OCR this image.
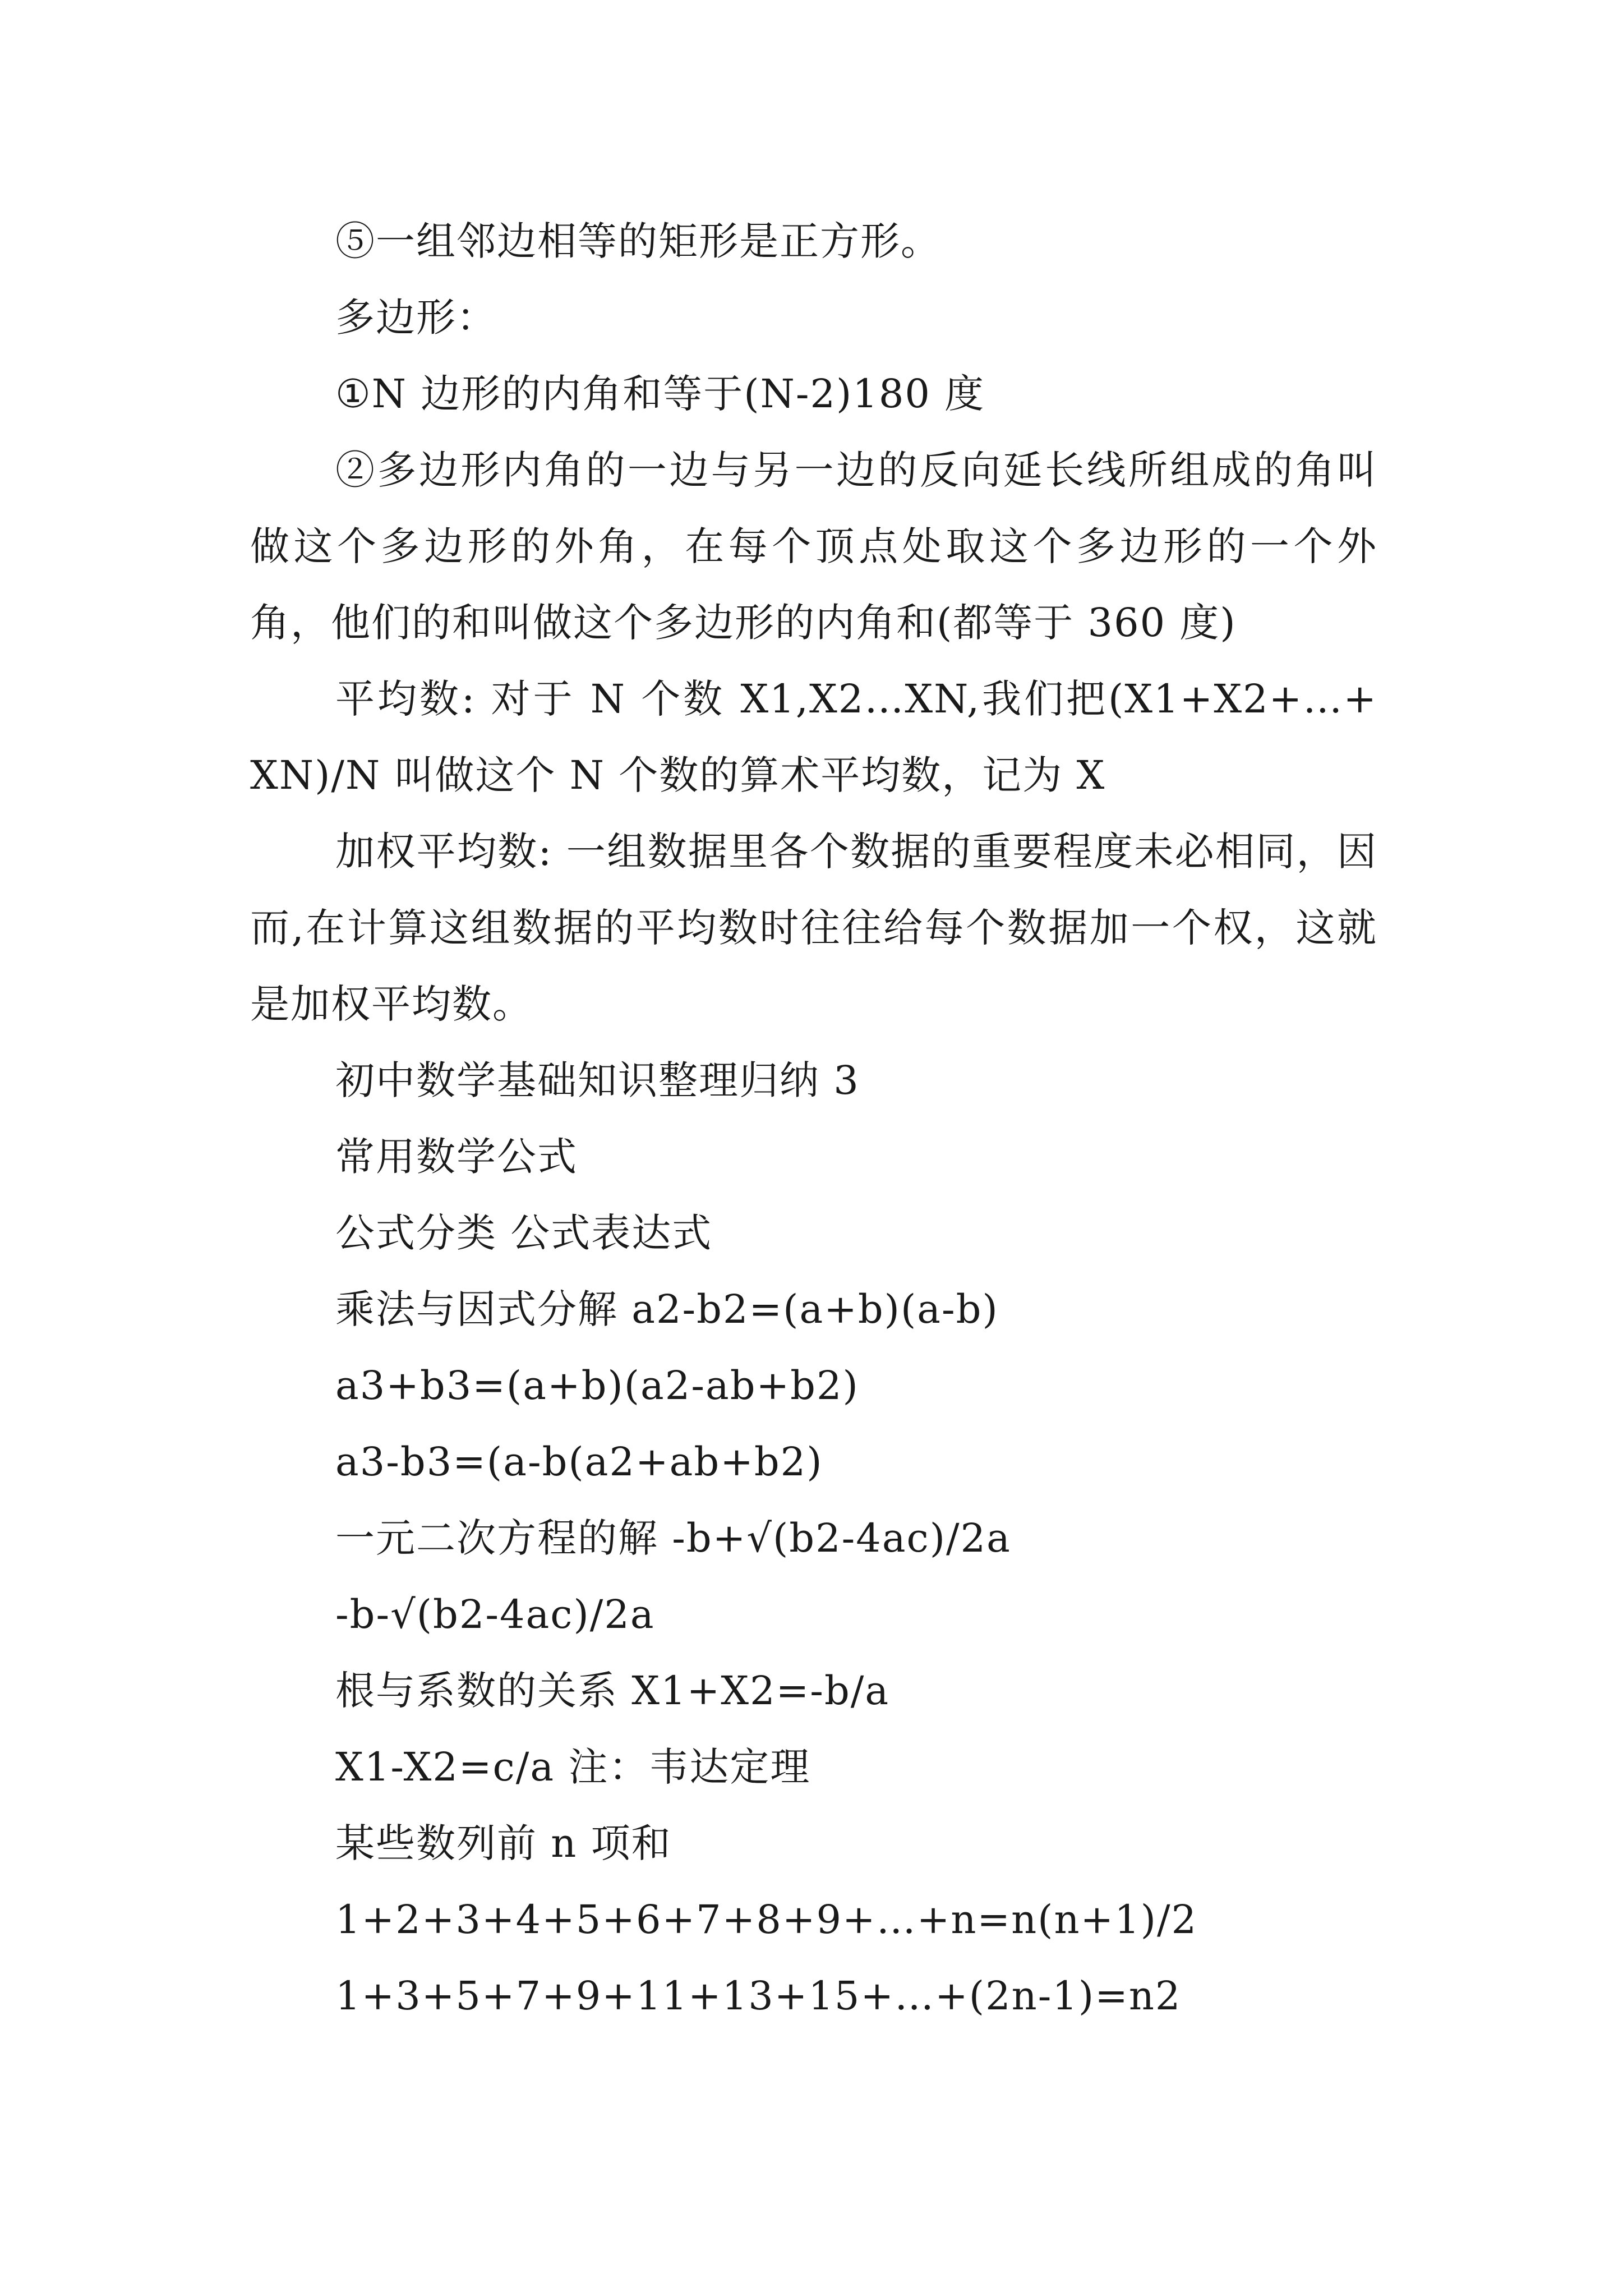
⑤一组邻边相等的矩形是正方形。
多边形：
①N 边形的内角和等于(N-2)180 度
②多边形内角的一边与另一边的反向延长线所组成的角叫做这个多边形的外角，在每个顶点处取这个多边形的一个外角，他们的和叫做这个多边形的内角和(都等于 360 度)
平均数: 对于 N 个数 X1,X2…XN,我们把(X1+X2+…+XN)/N 叫做这个 N 个数的算术平均数，记为 X
加权平均数: 一组数据里各个数据的重要程度未必相同，因而,在计算这组数据的平均数时往往给每个数据加一个权，这就是加权平均数。
初中数学基础知识整理归纳 3
常用数学公式
公式分类 公式表达式
乘法与因式分解 a2-b2=(a+b)(a-b)
a3+b3=(a+b)(a2-ab+b2)
a3-b3=(a-b(a2+ab+b2)
一元二次方程的解 -b+√(b2-4ac)/2a
-b-√(b2-4ac)/2a
根与系数的关系 X1+X2=-b/a
X1-X2=c/a 注：韦达定理
某些数列前 n 项和
1+2+3+4+5+6+7+8+9+…+n=n(n+1)/2
1+3+5+7+9+11+13+15+…+(2n-1)=n2
